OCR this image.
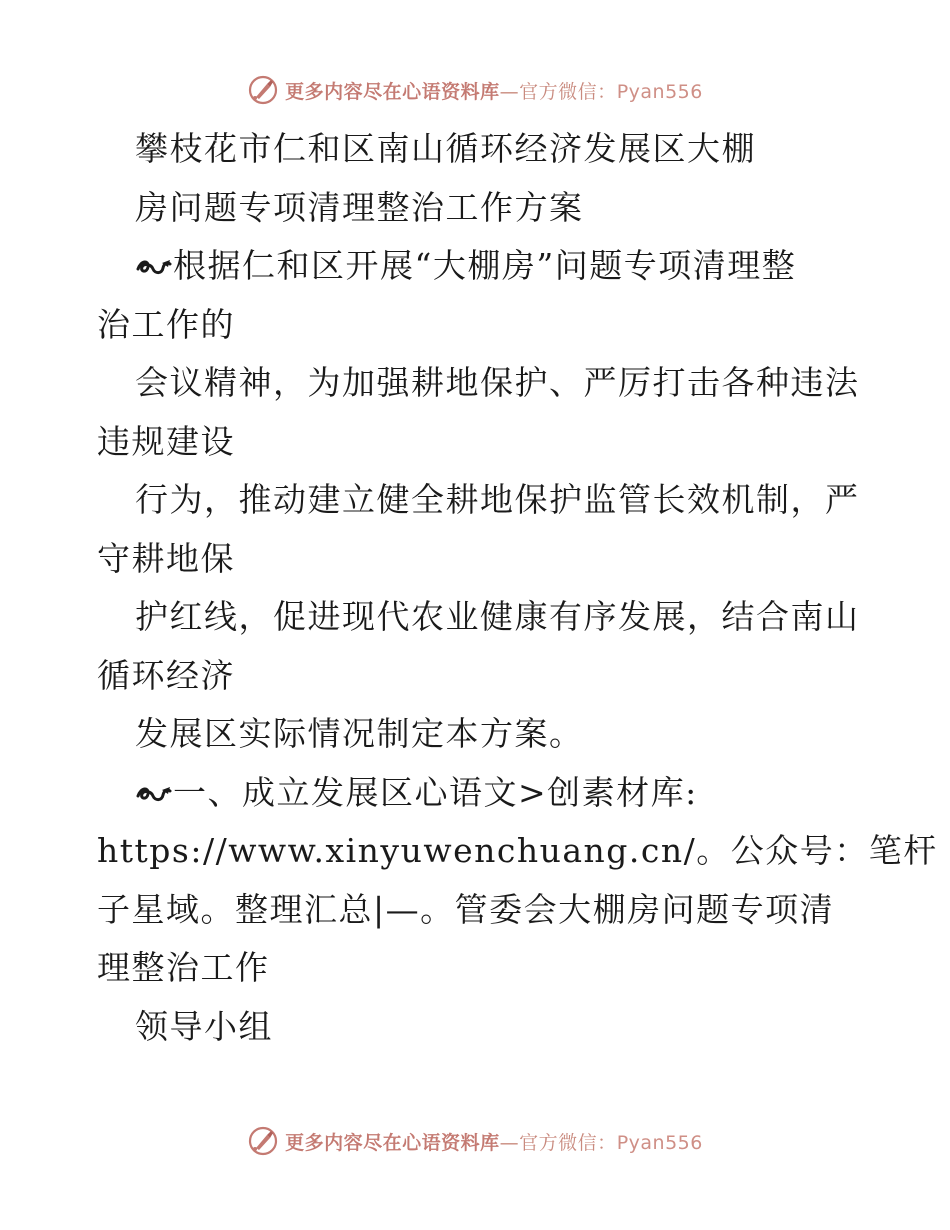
更多内容尽在心语资料库—官方微信：Pyan556
攀枝花市仁和区南山循环经济发展区大棚
房问题专项清理整治工作方案
根据仁和区开展“大棚房”问题专项清理整
治工作的
会议精神，为加强耕地保护、严厉打击各种违法
违规建设
行为，推动建立健全耕地保护监管长效机制，严
守耕地保
护红线，促进现代农业健康有序发展，结合南山
循环经济
发展区实际情况制定本方案。
一、成立发展区心语文>创素材库:
https://www.xinyuwenchuang.cn/。公众号：笔杆
子星域。整理汇总|—。管委会大棚房问题专项清
理整治工作
领导小组
更多内容尽在心语资料库—官方微信：Pyan556
